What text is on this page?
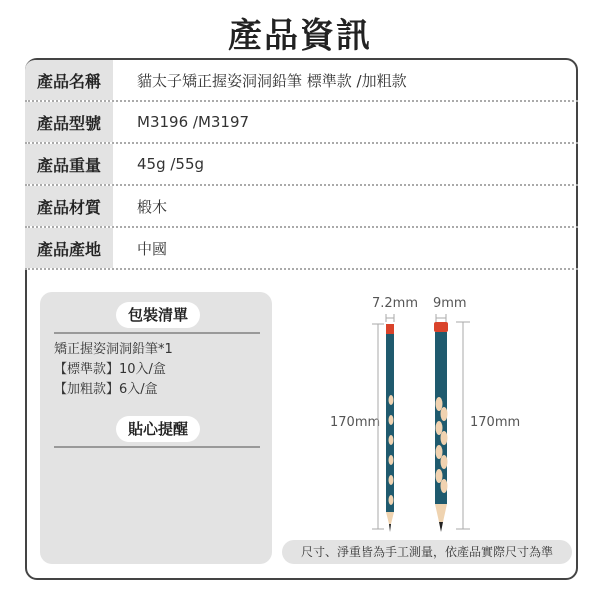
產品資訊
產品名稱	貓太子矯正握姿洞洞鉛筆 標準款 /加粗款
產品型號	M3196 /M3197
產品重量	45g /55g
產品材質	椴木
產品產地	中國
包裝清單
矯正握姿洞洞鉛筆*1
【標準款】10入/盒
【加粗款】6入/盒
貼心提醒
7.2mm 9mm
170mm	170mm
尺寸、淨重皆為手工測量，依產品實際尺寸為準
